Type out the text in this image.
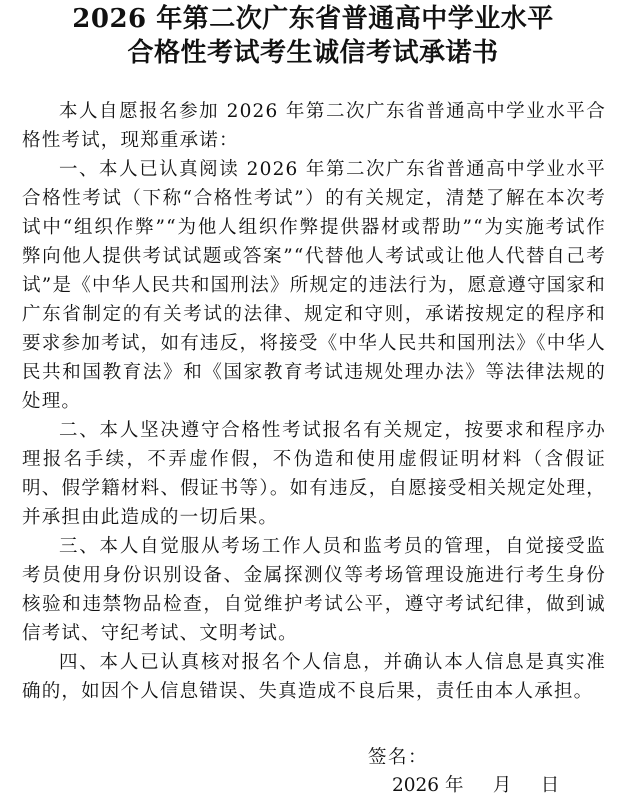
2026 年第二次广东省普通高中学业水平
合格性考试考生诚信考试承诺书

本人自愿报名参加 2026 年第二次广东省普通高中学业水平合格性考试，现郑重承诺：

一、本人已认真阅读 2026 年第二次广东省普通高中学业水平合格性考试（下称“合格性考试”）的有关规定，清楚了解在本次考试中“组织作弊”“为他人组织作弊提供器材或帮助”“为实施考试作弊向他人提供考试试题或答案”“代替他人考试或让他人代替自己考试”是《中华人民共和国刑法》所规定的违法行为，愿意遵守国家和广东省制定的有关考试的法律、规定和守则，承诺按规定的程序和要求参加考试，如有违反，将接受《中华人民共和国刑法》《中华人民共和国教育法》和《国家教育考试违规处理办法》等法律法规的处理。

二、本人坚决遵守合格性考试报名有关规定，按要求和程序办理报名手续，不弄虚作假，不伪造和使用虚假证明材料（含假证明、假学籍材料、假证书等）。如有违反，自愿接受相关规定处理，并承担由此造成的一切后果。

三、本人自觉服从考场工作人员和监考员的管理，自觉接受监考员使用身份识别设备、金属探测仪等考场管理设施进行考生身份核验和违禁物品检查，自觉维护考试公平，遵守考试纪律，做到诚信考试、守纪考试、文明考试。

四、本人已认真核对报名个人信息，并确认本人信息是真实准确的，如因个人信息错误、失真造成不良后果，责任由本人承担。

签名：
2026 年     月     日
